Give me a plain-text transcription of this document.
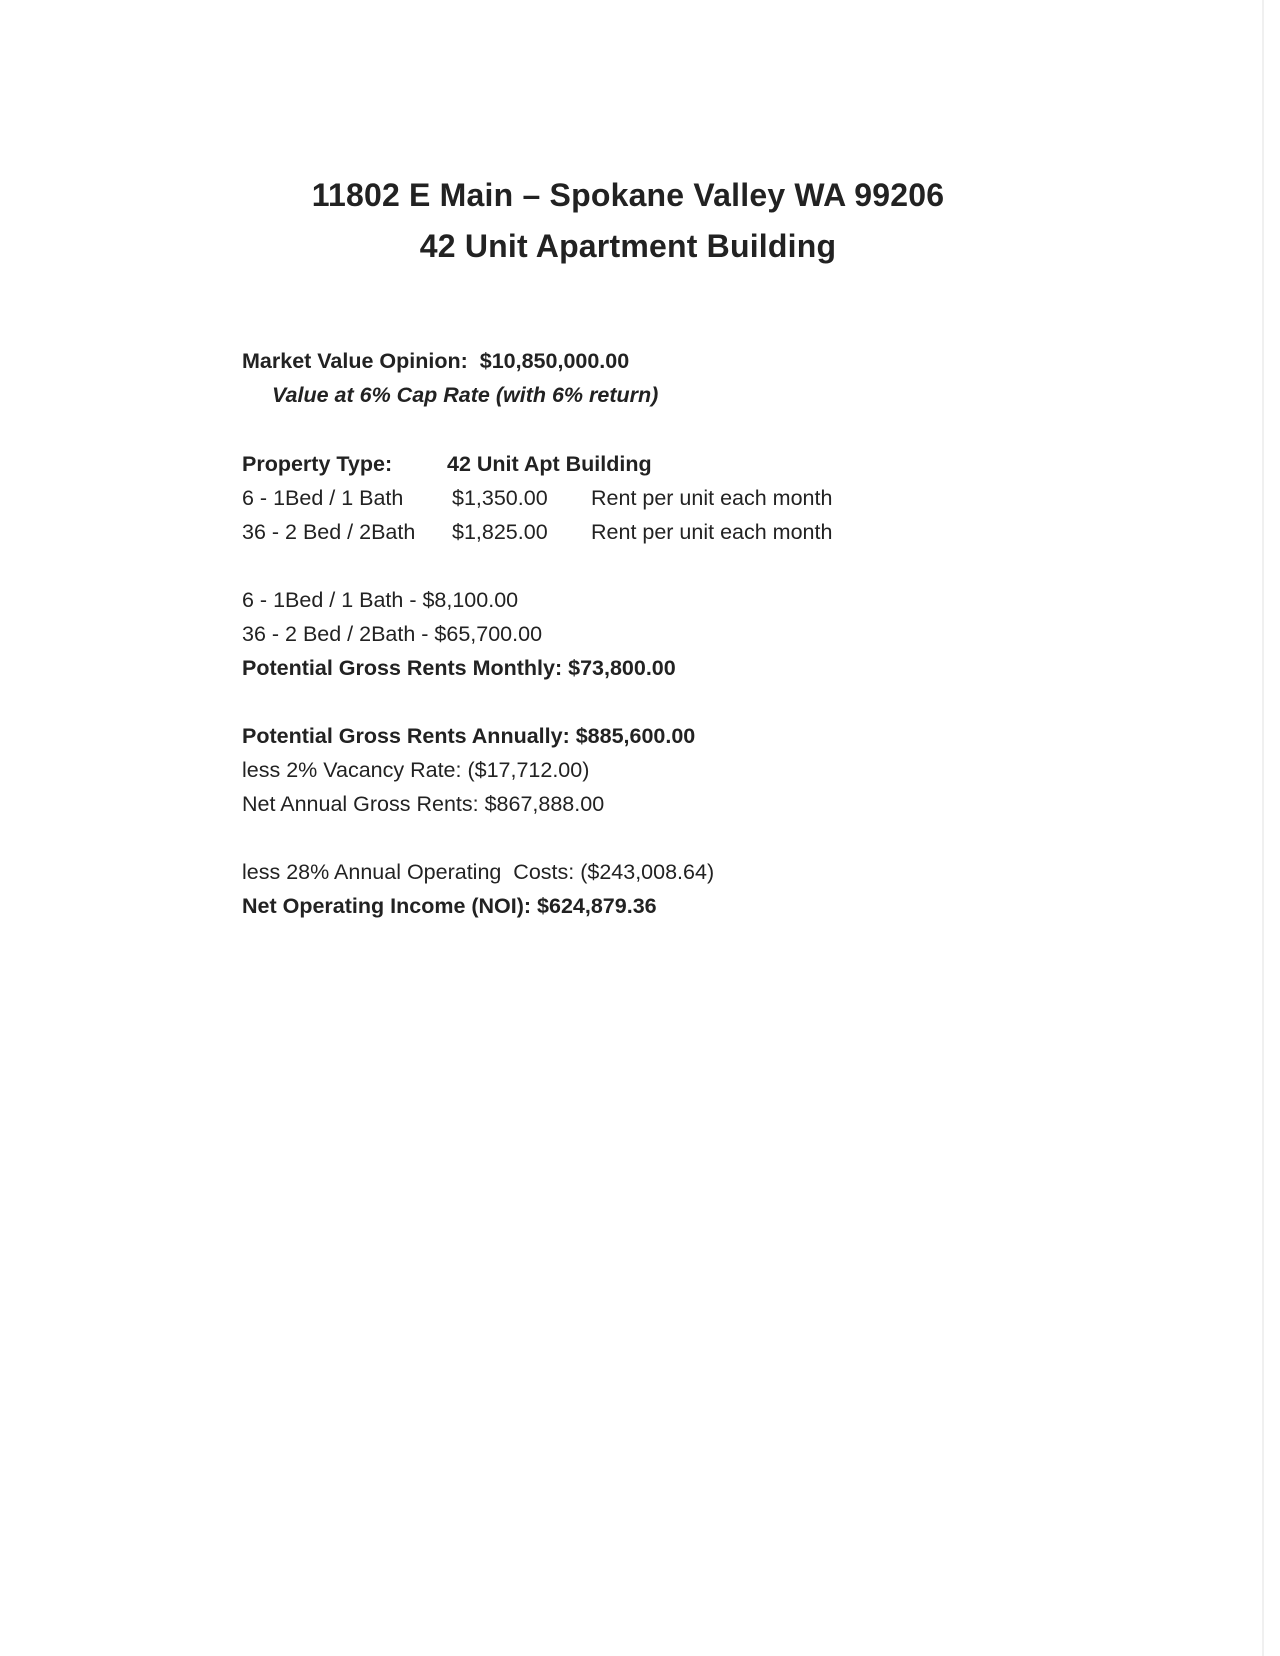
11802 E Main – Spokane Valley WA 99206
42 Unit Apartment Building
Market Value Opinion: $10,850,000.00
Value at 6% Cap Rate (with 6% return)
Property Type:	42 Unit Apt Building
6 - 1Bed / 1 Bath $1,350.00 Rent per unit each month
36 - 2 Bed / 2Bath $1,825.00 Rent per unit each month
6 - 1Bed / 1 Bath - $8,100.00
36 - 2 Bed / 2Bath - $65,700.00
Potential Gross Rents Monthly: $73,800.00
Potential Gross Rents Annually: $885,600.00
less 2% Vacancy Rate: ($17,712.00)
Net Annual Gross Rents: $867,888.00
less 28% Annual Operating  Costs: ($243,008.64)
Net Operating Income (NOI): $624,879.36
